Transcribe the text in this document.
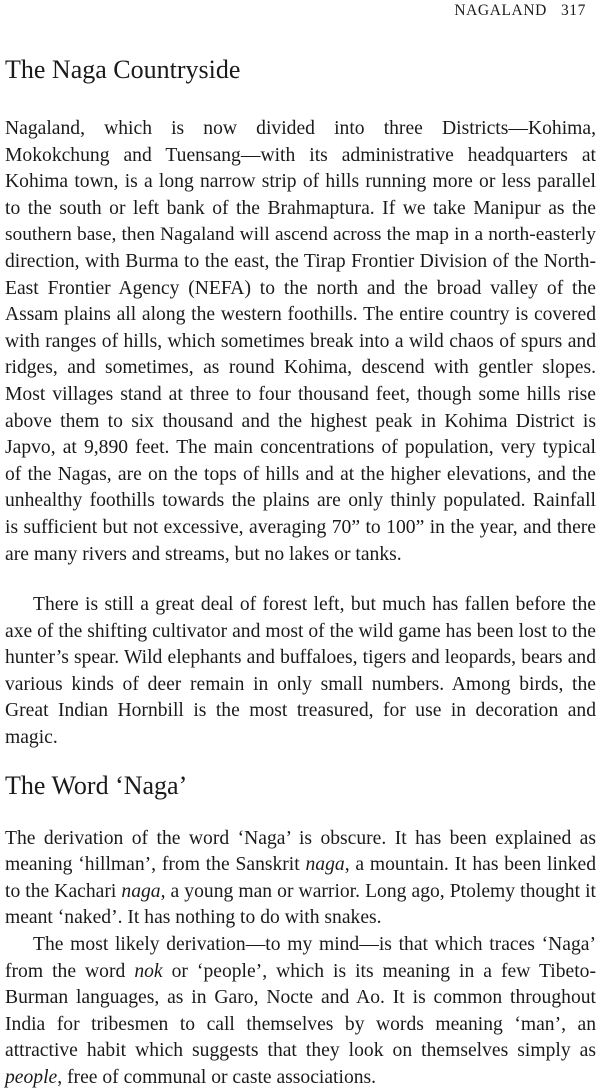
NAGALAND 317
The Naga Countryside

Nagaland, which is now divided into three Districts—Kohima,
Mokokchung and Tuensang—with its administrative headquarters at
Kohima town, is a long narrow strip of hills running more or less parallel
to the south or left bank of the Brahmaptura. If we take Manipur as the
southern base, then Nagaland will ascend across the map in a north-easterly
direction, with Burma to the east, the Tirap Frontier Division of the North-
East Frontier Agency (NEFA) to the north and the broad valley of the
Assam plains all along the western foothills. The entire country is covered
with ranges of hills, which sometimes break into a wild chaos of spurs and
ridges, and sometimes, as round Kohima, descend with gentler slopes.
Most villages stand at three to four thousand feet, though some hills rise
above them to six thousand and the highest peak in Kohima District is
Japvo, at 9,890 feet. The main concentrations of population, very typical
of the Nagas, are on the tops of hills and at the higher elevations, and the
unhealthy foothills towards the plains are only thinly populated. Rainfall
is sufficient but not excessive, averaging 70” to 100” in the year, and there
are many rivers and streams, but no lakes or tanks.

There is still a great deal of forest left, but much has fallen before the axe of the shifting cultivator and most of the wild game has been lost to the hunter’s spear. Wild elephants and buffaloes, tigers and leopards, bears and various kinds of deer remain in only small numbers. Among birds, the Great Indian Hornbill is the most treasured, for use in decoration and magic.

The Word ‘Naga’

The derivation of the word ‘Naga’ is obscure. It has been explained as meaning ‘hillman’, from the Sanskrit naga, a mountain. It has been linked to the Kachari naga, a young man or warrior. Long ago, Ptolemy thought it meant ‘naked’. It has nothing to do with snakes.

The most likely derivation—to my mind—is that which traces ‘Naga’ from the word nok or ‘people’, which is its meaning in a few Tibeto-Burman languages, as in Garo, Nocte and Ao. It is common throughout India for tribesmen to call themselves by words meaning ‘man’, an attractive habit which suggests that they look on themselves simply as people, free of communal or caste associations.
